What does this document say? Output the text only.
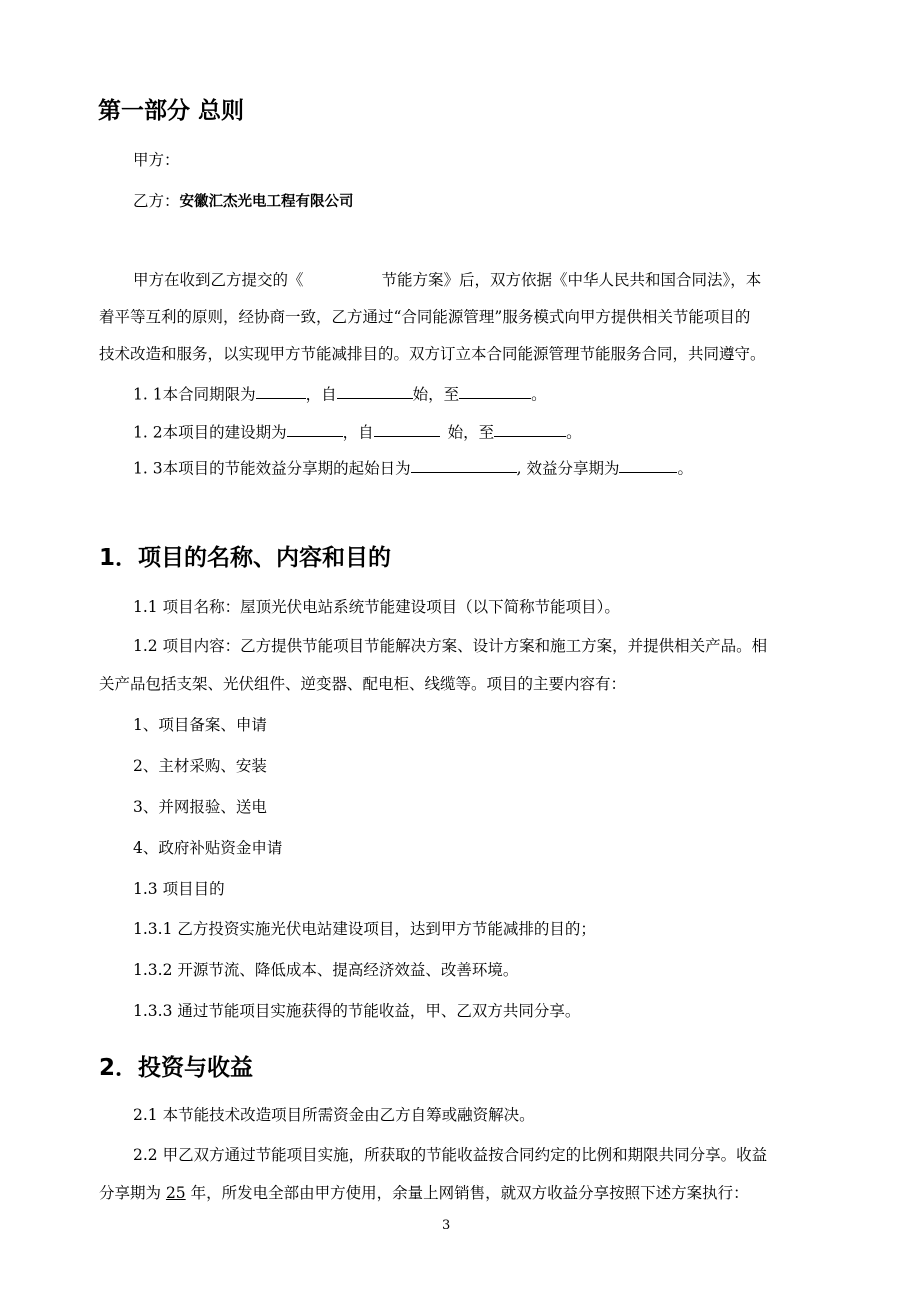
第一部分 总则
甲方：
乙方：安徽汇杰光电工程有限公司
甲方在收到乙方提交的《	节能方案》后，双方依据《中华人民共和国合同法》，本
着平等互利的原则，经协商一致，乙方通过“合同能源管理”服务模式向甲方提供相关节能项目的
技术改造和服务，以实现甲方节能减排目的。双方订立本合同能源管理节能服务合同，共同遵守。
1. 1本合同期限为	，自	始，至	。
1. 2本项目的建设期为	，自	始，至	。
1. 3本项目的节能效益分享期的起始日为	, 效益分享期为	。
1．项目的名称、内容和目的
1.1 项目名称：屋顶光伏电站系统节能建设项目（以下简称节能项目）。
1.2 项目内容：乙方提供节能项目节能解决方案、设计方案和施工方案，并提供相关产品。相
关产品包括支架、光伏组件、逆变器、配电柜、线缆等。项目的主要内容有：
1、项目备案、申请
2、主材采购、安装
3、并网报验、送电
4、政府补贴资金申请
1.3 项目目的
1.3.1 乙方投资实施光伏电站建设项目，达到甲方节能减排的目的；
1.3.2 开源节流、降低成本、提高经济效益、改善环境。
1.3.3 通过节能项目实施获得的节能收益，甲、乙双方共同分享。
2．投资与收益
2.1 本节能技术改造项目所需资金由乙方自筹或融资解决。
2.2 甲乙双方通过节能项目实施，所获取的节能收益按合同约定的比例和期限共同分享。收益
分享期为 25 年，所发电全部由甲方使用，余量上网销售，就双方收益分享按照下述方案执行：
3
